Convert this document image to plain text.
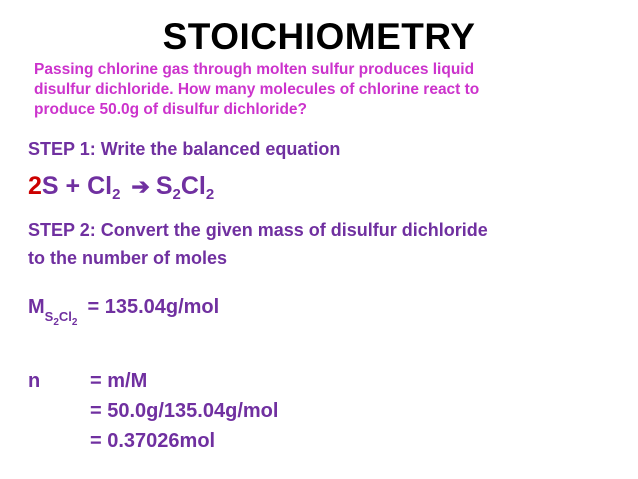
STOICHIOMETRY
Passing chlorine gas through molten sulfur produces liquid
disulfur dichloride. How many molecules of chlorine react to
produce 50.0g of disulfur dichloride?
STEP 1: Write the balanced equation
$2S + Cl_2$ ➔ $S_2Cl_2$
STEP 2: Convert the given mass of disulfur dichloride
to the number of moles
$M_{S2Cl2}= 135.04g/mol$
n = m/M
= 50.0g/135.04g/mol
= 0.37026mol
